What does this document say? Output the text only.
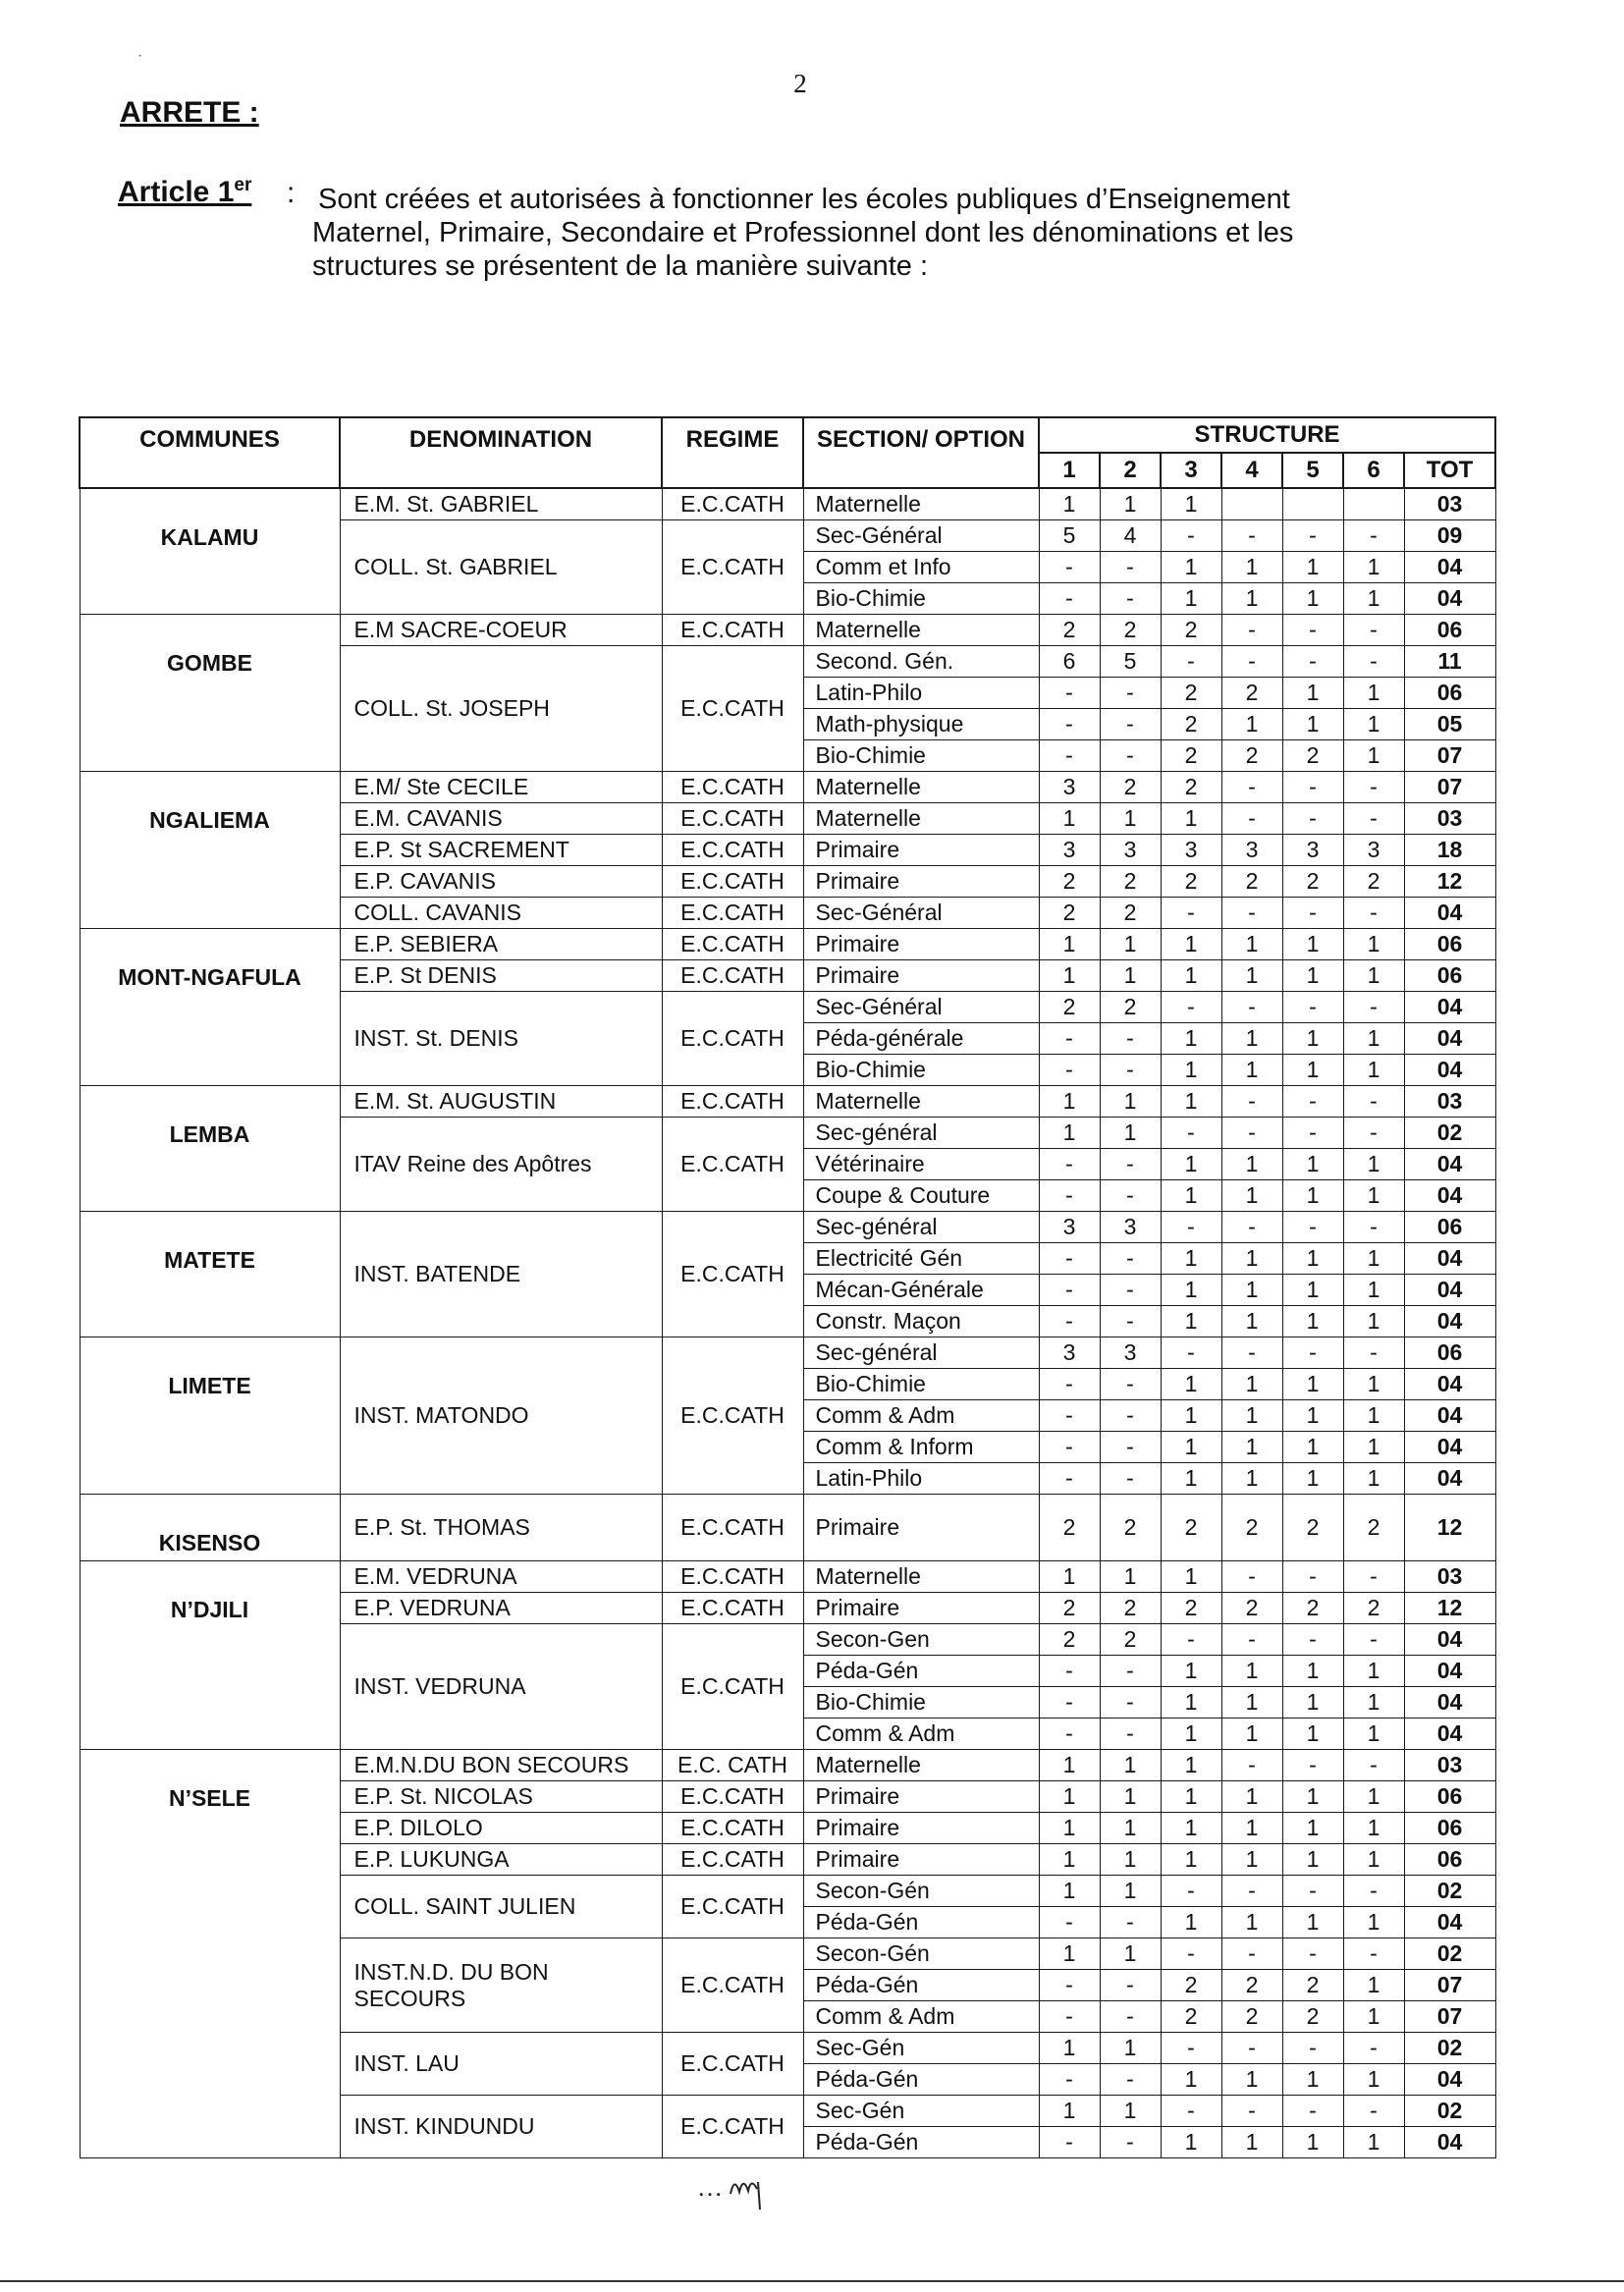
·
2
ARRETE :
Article 1er : Sont créées et autorisées à fonctionner les écoles publiques d’Enseignement
Maternel, Primaire, Secondaire et Professionnel dont les dénominations et les
structures se présentent de la manière suivante :
COMMUNES	DENOMINATION	REGIME	SECTION/ OPTION	STRUCTURE						
				1	2	3	4	5	6	TOT
KALAMU	E.M. St. GABRIEL	E.C.CATH	Maternelle	1	1	1				03
	COLL. St. GABRIEL	E.C.CATH	Sec-Général	5	4	-	-	-	-	09
			Comm et Info	-	-	1	1	1	1	04
			Bio-Chimie	-	-	1	1	1	1	04
GOMBE	E.M SACRE-COEUR	E.C.CATH	Maternelle	2	2	2	-	-	-	06
	COLL. St. JOSEPH	E.C.CATH	Second. Gén.	6	5	-	-	-	-	11
			Latin-Philo	-	-	2	2	1	1	06
			Math-physique	-	-	2	1	1	1	05
			Bio-Chimie	-	-	2	2	2	1	07
NGALIEMA	E.M/ Ste CECILE	E.C.CATH	Maternelle	3	2	2	-	-	-	07
	E.M. CAVANIS	E.C.CATH	Maternelle	1	1	1	-	-	-	03
	E.P. St SACREMENT	E.C.CATH	Primaire	3	3	3	3	3	3	18
	E.P. CAVANIS	E.C.CATH	Primaire	2	2	2	2	2	2	12
	COLL. CAVANIS	E.C.CATH	Sec-Général	2	2	-	-	-	-	04
MONT-NGAFULA	E.P. SEBIERA	E.C.CATH	Primaire	1	1	1	1	1	1	06
	E.P. St DENIS	E.C.CATH	Primaire	1	1	1	1	1	1	06
	INST. St. DENIS	E.C.CATH	Sec-Général	2	2	-	-	-	-	04
			Péda-générale	-	-	1	1	1	1	04
			Bio-Chimie	-	-	1	1	1	1	04
LEMBA	E.M. St. AUGUSTIN	E.C.CATH	Maternelle	1	1	1	-	-	-	03
	ITAV Reine des Apôtres	E.C.CATH	Sec-général	1	1	-	-	-	-	02
			Vétérinaire	-	-	1	1	1	1	04
			Coupe & Couture	-	-	1	1	1	1	04
MATETE	INST. BATENDE	E.C.CATH	Sec-général	3	3	-	-	-	-	06
			Electricité Gén	-	-	1	1	1	1	04
			Mécan-Générale	-	-	1	1	1	1	04
			Constr. Maçon	-	-	1	1	1	1	04
LIMETE	INST. MATONDO	E.C.CATH	Sec-général	3	3	-	-	-	-	06
			Bio-Chimie	-	-	1	1	1	1	04
			Comm & Adm	-	-	1	1	1	1	04
			Comm & Inform	-	-	1	1	1	1	04
			Latin-Philo	-	-	1	1	1	1	04
KISENSO	E.P. St. THOMAS	E.C.CATH	Primaire	2	2	2	2	2	2	12
N’DJILI	E.M. VEDRUNA	E.C.CATH	Maternelle	1	1	1	-	-	-	03
	E.P. VEDRUNA	E.C.CATH	Primaire	2	2	2	2	2	2	12
	INST. VEDRUNA	E.C.CATH	Secon-Gen	2	2	-	-	-	-	04
			Péda-Gén	-	-	1	1	1	1	04
			Bio-Chimie	-	-	1	1	1	1	04
			Comm & Adm	-	-	1	1	1	1	04
N’SELE	E.M.N.DU BON SECOURS	E.C. CATH	Maternelle	1	1	1	-	-	-	03
	E.P. St. NICOLAS	E.C.CATH	Primaire	1	1	1	1	1	1	06
	E.P. DILOLO	E.C.CATH	Primaire	1	1	1	1	1	1	06
	E.P. LUKUNGA	E.C.CATH	Primaire	1	1	1	1	1	1	06
	COLL. SAINT JULIEN	E.C.CATH	Secon-Gén	1	1	-	-	-	-	02
			Péda-Gén	-	-	1	1	1	1	04
	INST.N.D. DU BON SECOURS	E.C.CATH	Secon-Gén	1	1	-	-	-	-	02
			Péda-Gén	-	-	2	2	2	1	07
			Comm & Adm	-	-	2	2	2	1	07
	INST. LAU	E.C.CATH	Sec-Gén	1	1	-	-	-	-	02
			Péda-Gén	-	-	1	1	1	1	04
	INST. KINDUNDU	E.C.CATH	Sec-Gén	1	1	-	-	-	-	02
			Péda-Gén	-	-	1	1	1	1	04
…
